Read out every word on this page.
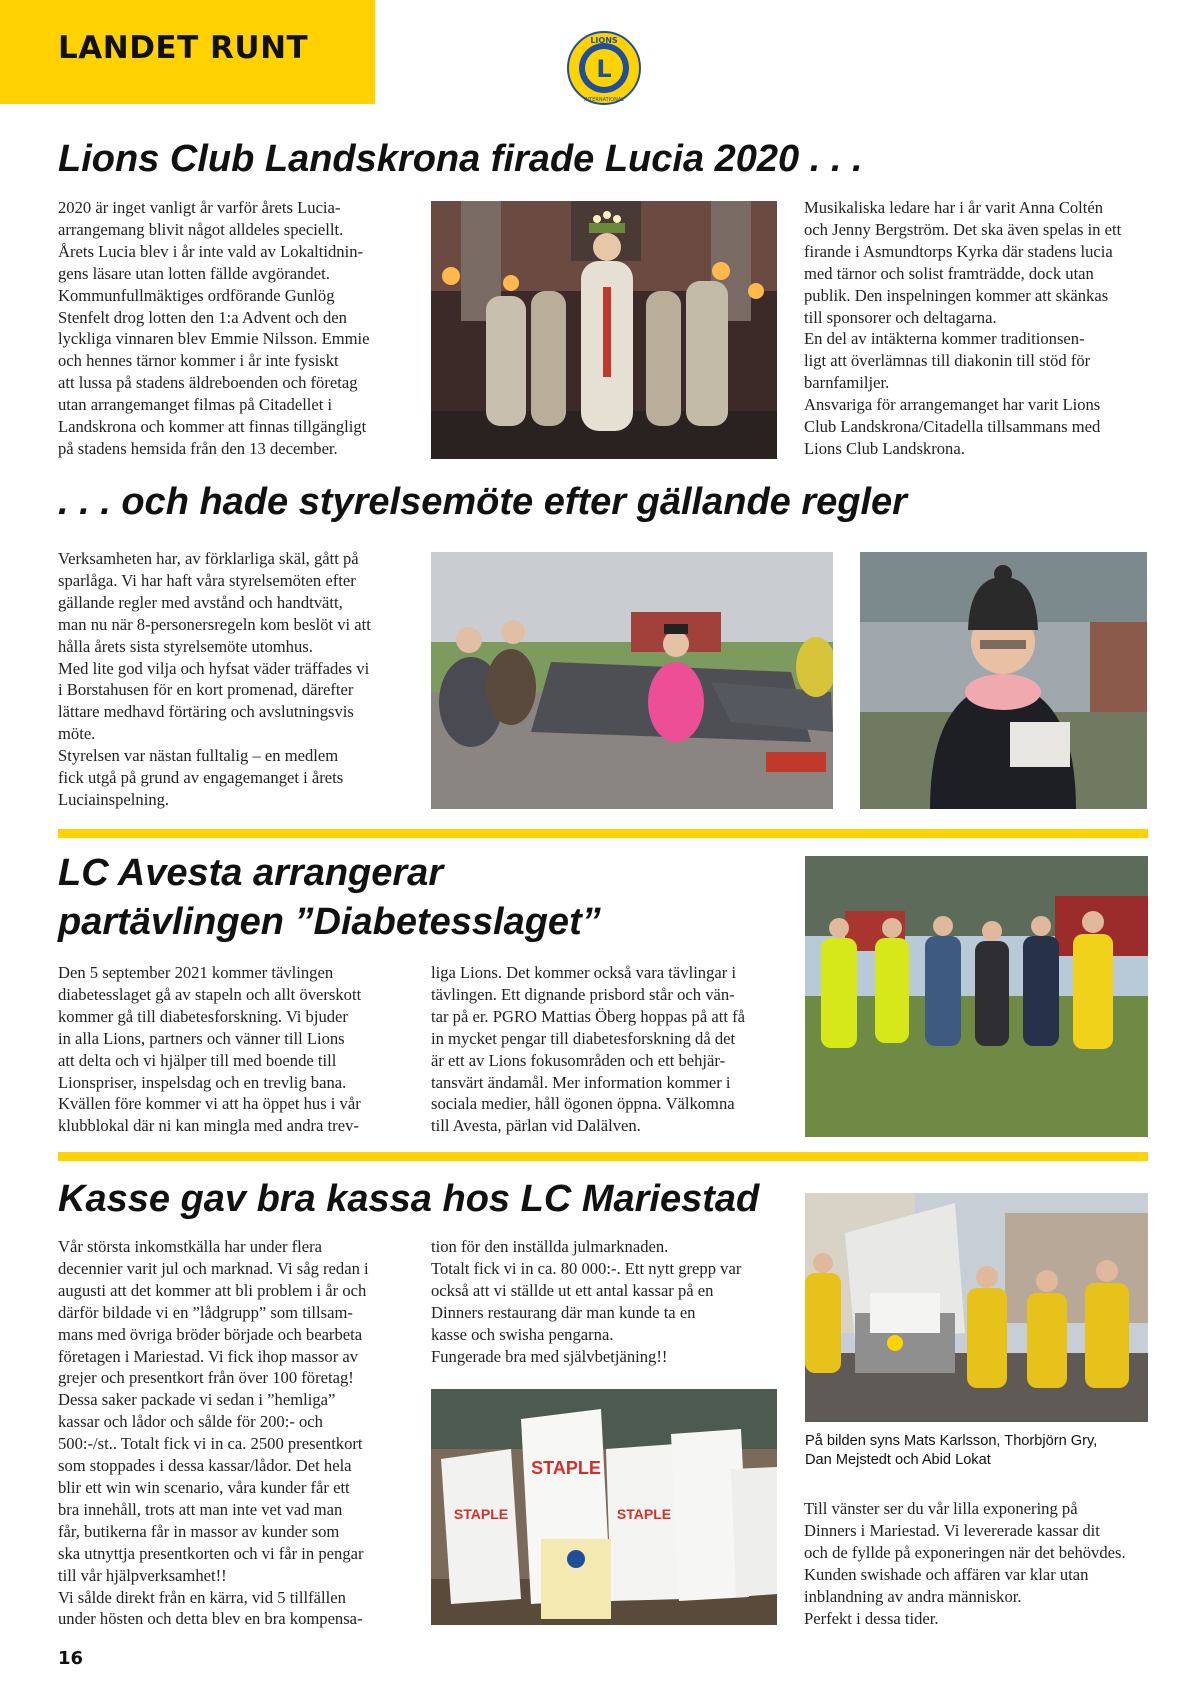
LANDET RUNT
L
LIONS
INTERNATIONAL
Lions Club Landskrona firade Lucia 2020 . . .

2020 är inget vanligt år varför årets Lucia-
arrangemang blivit något alldeles speciellt.
Årets Lucia blev i år inte vald av Lokaltidnin-
gens läsare utan lotten fällde avgörandet.
Kommunfullmäktiges ordförande Gunlög
Stenfelt drog lotten den 1:a Advent och den
lyckliga vinnaren blev Emmie Nilsson. Emmie
och hennes tärnor kommer i år inte fysiskt
att lussa på stadens äldreboenden och företag
utan arrangemanget filmas på Citadellet i
Landskrona och kommer att finnas tillgängligt
på stadens hemsida från den 13 december.

Musikaliska ledare har i år varit Anna Coltén
och Jenny Bergström. Det ska även spelas in ett
firande i Asmundtorps Kyrka där stadens lucia
med tärnor och solist framträdde, dock utan
publik. Den inspelningen kommer att skänkas
till sponsorer och deltagarna.
En del av intäkterna kommer traditionsen-
ligt att överlämnas till diakonin till stöd för
barnfamiljer.
Ansvariga för arrangemanget har varit Lions
Club Landskrona/Citadella tillsammans med
Lions Club Landskrona.

. . . och hade styrelsemöte efter gällande regler

Verksamheten har, av förklarliga skäl, gått på
sparlåga. Vi har haft våra styrelsemöten efter
gällande regler med avstånd och handtvätt,
man nu när 8-personersregeln kom beslöt vi att
hålla årets sista styrelsemöte utomhus.
Med lite god vilja och hyfsat väder träffades vi
i Borstahusen för en kort promenad, därefter
lättare medhavd förtäring och avslutningsvis
möte.
Styrelsen var nästan fulltalig – en medlem
fick utgå på grund av engagemanget i årets
Luciainspelning.

LC Avesta arrangerar
partävlingen ”Diabetesslaget”

Den 5 september 2021 kommer tävlingen
diabetesslaget gå av stapeln och allt överskott
kommer gå till diabetesforskning. Vi bjuder
in alla Lions, partners och vänner till Lions
att delta och vi hjälper till med boende till
Lionspriser, inspelsdag och en trevlig bana.
Kvällen före kommer vi att ha öppet hus i vår
klubblokal där ni kan mingla med andra trev-

liga Lions. Det kommer också vara tävlingar i
tävlingen. Ett dignande prisbord står och vän-
tar på er. PGRO Mattias Öberg hoppas på att få
in mycket pengar till diabetesforskning då det
är ett av Lions fokusområden och ett behjär-
tansvärt ändamål. Mer information kommer i
sociala medier, håll ögonen öppna. Välkomna
till Avesta, pärlan vid Dalälven.

Kasse gav bra kassa hos LC Mariestad

Vår största inkomstkälla har under flera
decennier varit jul och marknad. Vi såg redan i
augusti att det kommer att bli problem i år och
därför bildade vi en ”lådgrupp” som tillsam-
mans med övriga bröder började och bearbeta
företagen i Mariestad. Vi fick ihop massor av
grejer och presentkort från över 100 företag!
Dessa saker packade vi sedan i ”hemliga”
kassar och lådor och sålde för 200:- och
500:-/st.. Totalt fick vi in ca. 2500 presentkort
som stoppades i dessa kassar/lådor. Det hela
blir ett win win scenario, våra kunder får ett
bra innehåll, trots att man inte vet vad man
får, butikerna får in massor av kunder som
ska utnyttja presentkorten och vi får in pengar
till vår hjälpverksamhet!!
Vi sålde direkt från en kärra, vid 5 tillfällen
under hösten och detta blev en bra kompensa-

tion för den inställda julmarknaden.
Totalt fick vi in ca. 80 000:-. Ett nytt grepp var
också att vi ställde ut ett antal kassar på en
Dinners restaurang där man kunde ta en
kasse och swisha pengarna.
Fungerade bra med självbetjäning!!

STAPLE
STAPLE	STAPLE

På bilden syns Mats Karlsson, Thorbjörn Gry,
Dan Mejstedt och Abid Lokat

Till vänster ser du vår lilla exponering på
Dinners i Mariestad. Vi levererade kassar dit
och de fyllde på exponeringen när det behövdes.
Kunden swishade och affären var klar utan
inblandning av andra människor.
Perfekt i dessa tider.

16
